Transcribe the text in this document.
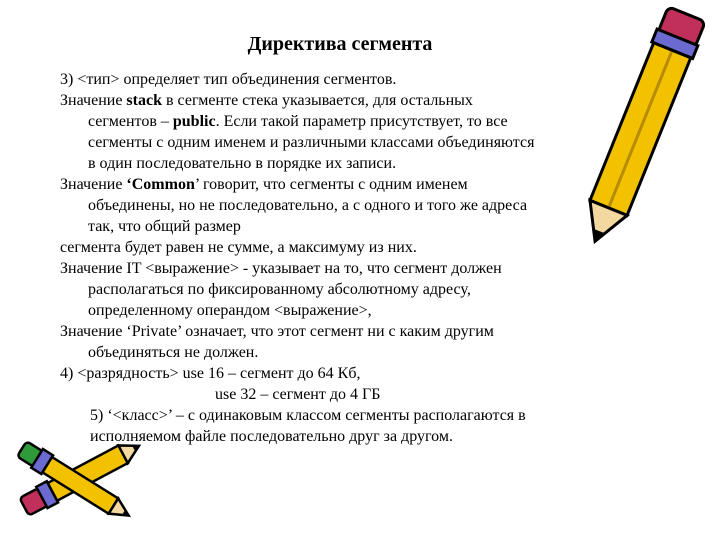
Директива сегмента
3) <тип> определяет тип объединения сегментов.
Значение stack в сегменте стека указывается, для остальных
сегментов – public. Если такой параметр присутствует, то все
сегменты с одним именем и различными классами объединяются
в один последовательно в порядке их записи.
Значение ‘Common’ говорит, что сегменты с одним именем
объединены, но не последовательно, а с одного и того же адреса
так, что общий размер
сегмента будет равен не сумме, а максимуму из них.
Значение IT <выражение> - указывает на то, что сегмент должен
располагаться по фиксированному абсолютному адресу,
определенному операндом <выражение>,
Значение ‘Private’ означает, что этот сегмент ни с каким другим
объединяться не должен.
4) <разрядность> use 16 – сегмент до 64 Кб,
use 32 – сегмент до 4 ГБ
5) ‘<класс>’ – с одинаковым классом сегменты располагаются в
исполняемом файле последовательно друг за другом.
